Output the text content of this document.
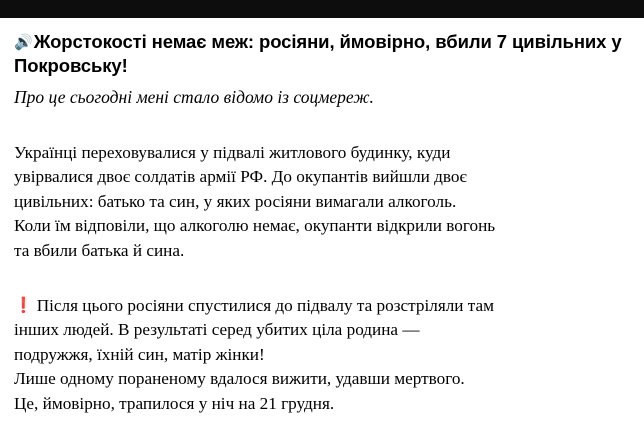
🔊Жорстокості немає меж: росіяни, ймовірно, вбили 7 цивільних у Покровську!

Про це сьогодні мені стало відомо із соцмереж.

Українці переховувалися у підвалі житлового будинку, куди
увірвалися двоє солдатів армії РФ. До окупантів вийшли двоє
цивільних: батько та син, у яких росіяни вимагали алкоголь.
Коли їм відповіли, що алкоголю немає, окупанти відкрили вогонь
та вбили батька й сина.

❗ Після цього росіяни спустилися до підвалу та розстріляли там
інших людей. В результаті серед убитих ціла родина —
подружжя, їхній син, матір жінки!
Лише одному пораненому вдалося вижити, удавши мертвого.
Це, ймовірно, трапилося у ніч на 21 грудня.
